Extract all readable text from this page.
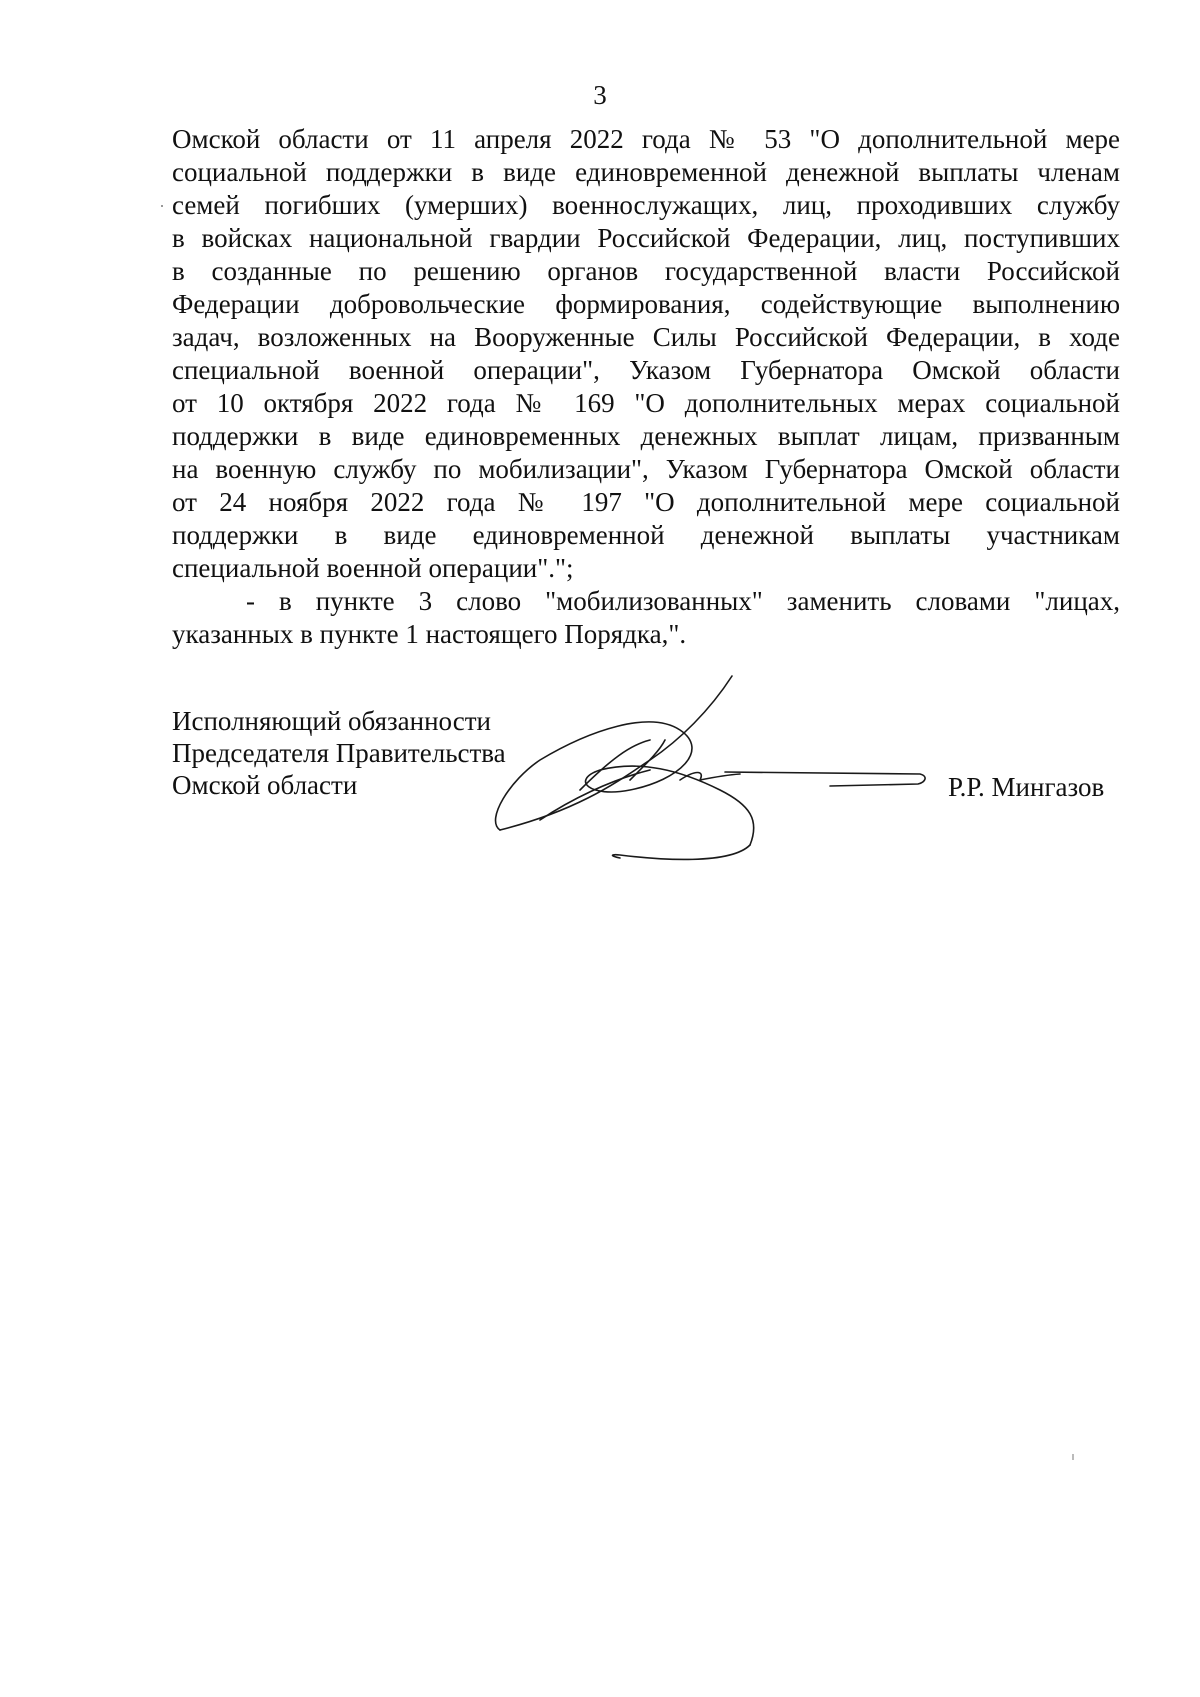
3
Омской области от 11 апреля 2022 года № 53 "О дополнительной мере
социальной поддержки в виде единовременной денежной выплаты членам
семей погибших (умерших) военнослужащих, лиц, проходивших службу
в войсках национальной гвардии Российской Федерации, лиц, поступивших
в созданные по решению органов государственной власти Российской
Федерации добровольческие формирования, содействующие выполнению
задач, возложенных на Вооруженные Силы Российской Федерации, в ходе
специальной военной операции", Указом Губернатора Омской области
от 10 октября 2022 года № 169 "О дополнительных мерах социальной
поддержки в виде единовременных денежных выплат лицам, призванным
на военную службу по мобилизации", Указом Губернатора Омской области
от 24 ноября 2022 года № 197 "О дополнительной мере социальной
поддержки в виде единовременной денежной выплаты участникам
специальной военной операции".";
- в пункте 3 слово "мобилизованных" заменить словами "лицах,
указанных в пункте 1 настоящего Порядка,".
Исполняющий обязанности
Председателя Правительства
Омской области	Р.Р. Мингазов
